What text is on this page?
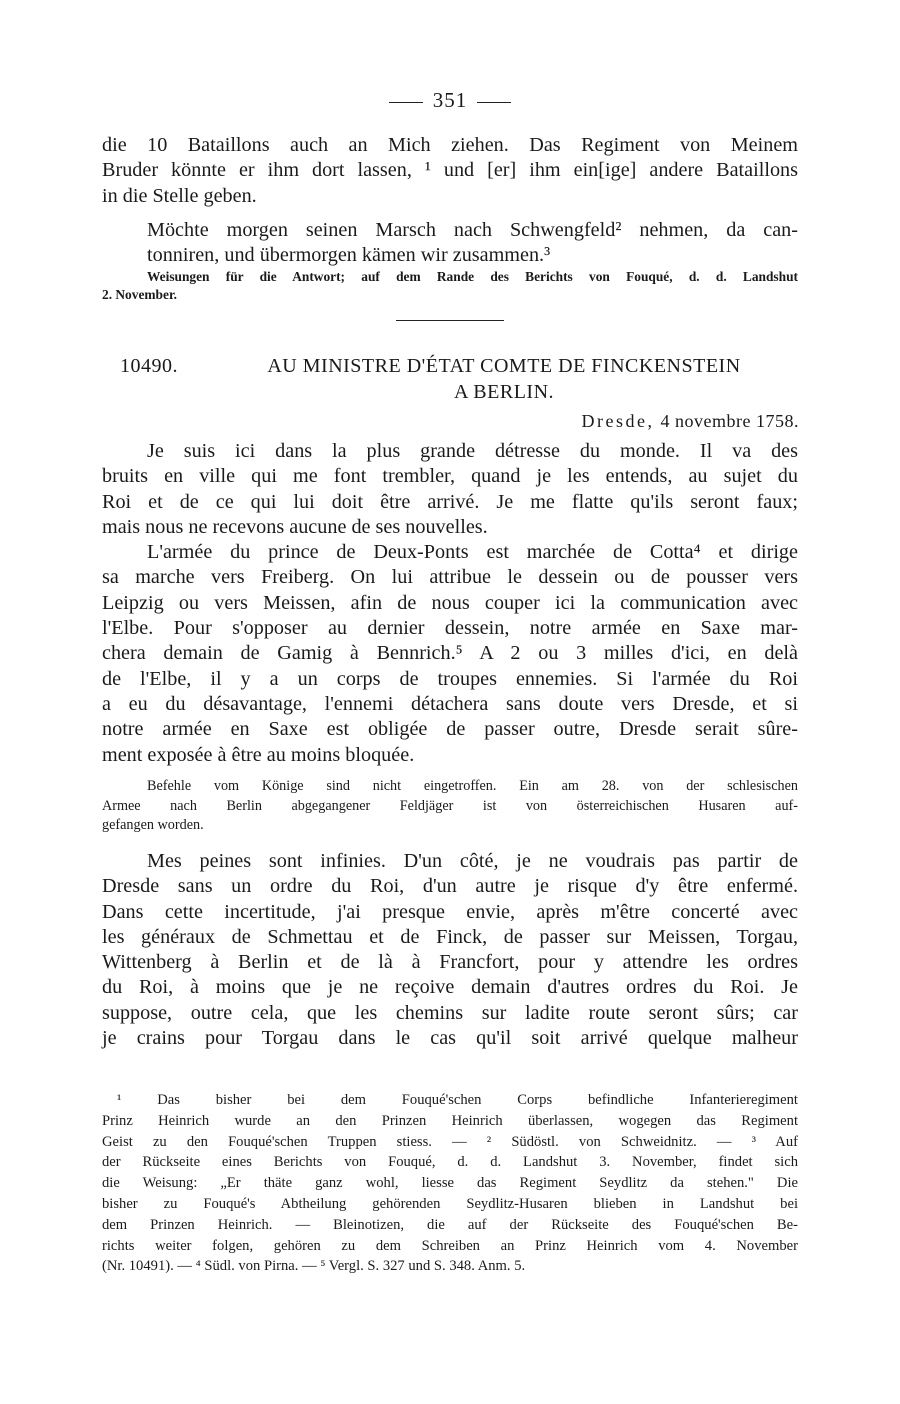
351

die 10 Bataillons auch an Mich ziehen. Das Regiment von Meinem
Bruder könnte er ihm dort lassen, ¹ und [er] ihm ein[ige] andere Bataillons
in die Stelle geben.

Möchte morgen seinen Marsch nach Schwengfeld² nehmen, da can-
tonniren, und übermorgen kämen wir zusammen.³

Weisungen für die Antwort; auf dem Rande des Berichts von Fouqué, d. d. Landshut
2. November.

10490.	AU MINISTRE D'ÉTAT COMTE DE FINCKENSTEIN
A BERLIN.
Dresde, 4 novembre 1758.

Je suis ici dans la plus grande détresse du monde. Il va des
bruits en ville qui me font trembler, quand je les entends, au sujet du
Roi et de ce qui lui doit être arrivé. Je me flatte qu'ils seront faux;
mais nous ne recevons aucune de ses nouvelles.

L'armée du prince de Deux-Ponts est marchée de Cotta⁴ et dirige
sa marche vers Freiberg. On lui attribue le dessein ou de pousser vers
Leipzig ou vers Meissen, afin de nous couper ici la communication avec
l'Elbe. Pour s'opposer au dernier dessein, notre armée en Saxe mar-
chera demain de Gamig à Bennrich.⁵ A 2 ou 3 milles d'ici, en delà
de l'Elbe, il y a un corps de troupes ennemies. Si l'armée du Roi
a eu du désavantage, l'ennemi détachera sans doute vers Dresde, et si
notre armée en Saxe est obligée de passer outre, Dresde serait sûre-
ment exposée à être au moins bloquée.

Befehle vom Könige sind nicht eingetroffen. Ein am 28. von der schlesischen
Armee nach Berlin abgegangener Feldjäger ist von österreichischen Husaren auf-
gefangen worden.

Mes peines sont infinies. D'un côté, je ne voudrais pas partir de
Dresde sans un ordre du Roi, d'un autre je risque d'y être enfermé.
Dans cette incertitude, j'ai presque envie, après m'être concerté avec
les généraux de Schmettau et de Finck, de passer sur Meissen, Torgau,
Wittenberg à Berlin et de là à Francfort, pour y attendre les ordres
du Roi, à moins que je ne reçoive demain d'autres ordres du Roi. Je
suppose, outre cela, que les chemins sur ladite route seront sûrs; car
je crains pour Torgau dans le cas qu'il soit arrivé quelque malheur

¹ Das bisher bei dem Fouqué'schen Corps befindliche Infanterieregiment
Prinz Heinrich wurde an den Prinzen Heinrich überlassen, wogegen das Regiment
Geist zu den Fouqué'schen Truppen stiess. — ² Südöstl. von Schweidnitz. — ³ Auf
der Rückseite eines Berichts von Fouqué, d. d. Landshut 3. November, findet sich
die Weisung: „Er thäte ganz wohl, liesse das Regiment Seydlitz da stehen." Die
bisher zu Fouqué's Abtheilung gehörenden Seydlitz-Husaren blieben in Landshut bei
dem Prinzen Heinrich. — Bleinotizen, die auf der Rückseite des Fouqué'schen Be-
richts weiter folgen, gehören zu dem Schreiben an Prinz Heinrich vom 4. November
(Nr. 10491). — ⁴ Südl. von Pirna. — ⁵ Vergl. S. 327 und S. 348. Anm. 5.
